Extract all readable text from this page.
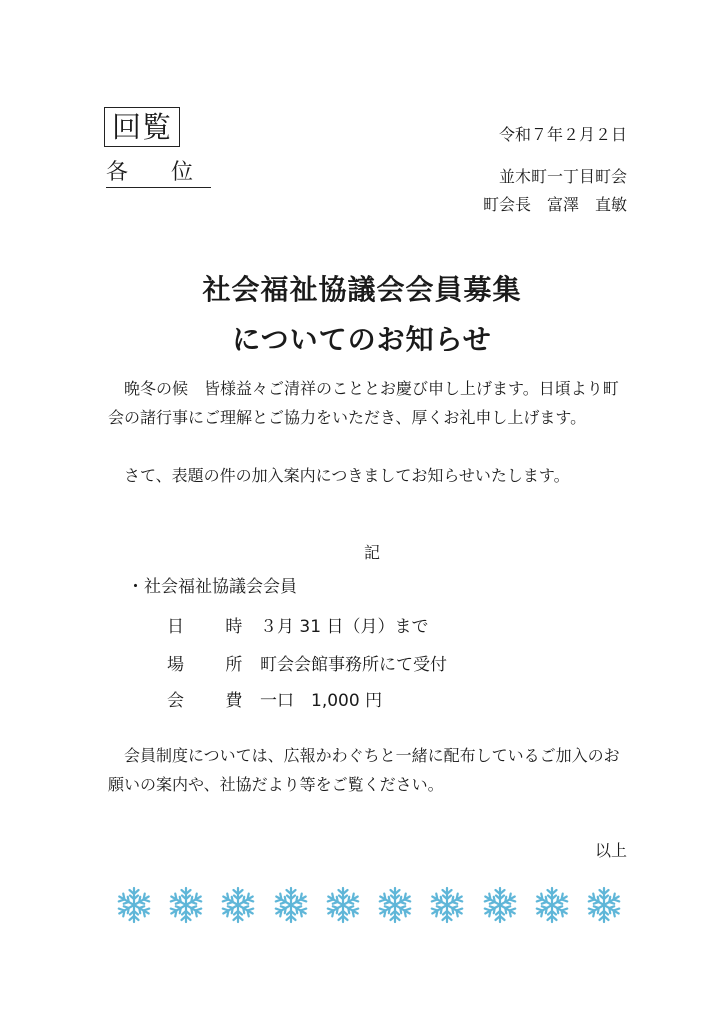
回覧
各 位
令和７年２月２日
並木町一丁目町会
町会長　富澤　直敏
社会福祉協議会会員募集
についてのお知らせ
晩冬の候　皆様益々ご清祥のこととお慶び申し上げます。日頃より町会の諸行事にご理解とご協力をいただき、厚くお礼申し上げます。
さて、表題の件の加入案内につきましてお知らせいたします。
記
・社会福祉協議会会員
日 時 ３月 31 日（月）まで
場 所 町会会館事務所にて受付
会 費 一口　1,000 円
会員制度については、広報かわぐちと一緒に配布しているご加入のお願いの案内や、社協だより等をご覧ください。
以上
